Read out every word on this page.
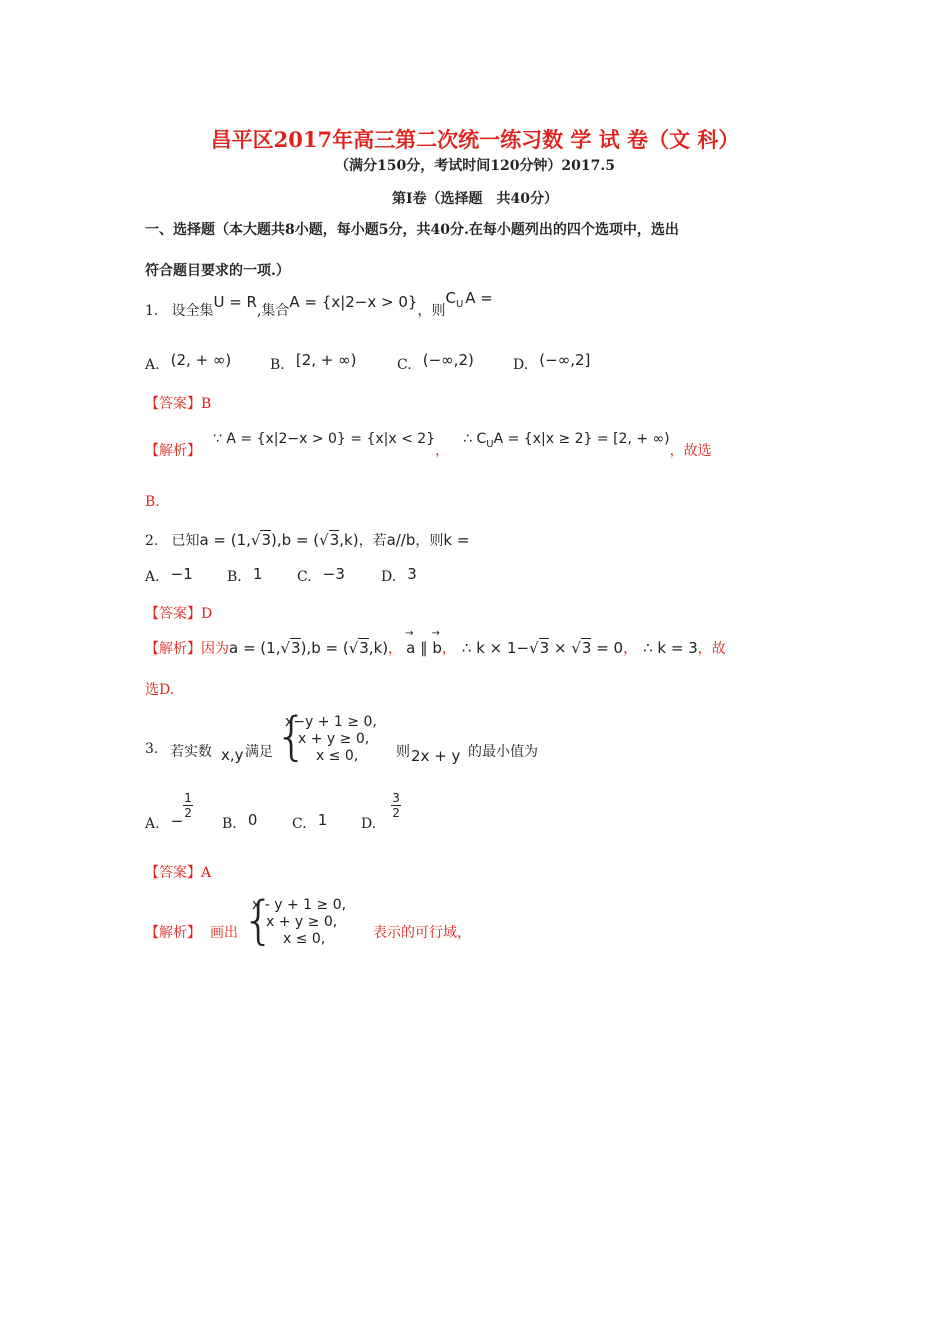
昌平区2017年高三第二次统一练习数 学 试 卷（文 科）
（满分150分，考试时间120分钟）2017.5
第Ⅰ卷（选择题　共40分）
一、选择题（本大题共8小题，每小题5分，共40分.在每小题列出的四个选项中，选出
符合题目要求的一项.）
1. 设全集U = R,集合A = {x|2−x > 0}，则$C_U$ A =
A. (2, + ∞)	B. [2, + ∞)	C. (−∞,2)	D. (−∞,2]
【答案】B
【解析】∵ A = {x|2−x > 0} = {x|x < 2}，∴ $C_UA = \{x|x \ge 2\} = [2$, + ∞)，故选
B.
2. 已知a = (1,√3),b = (√3,k)，若a//b，则k =
A. −1 B. 1 C. −3	D. 3
【答案】D
【解析】因为a = (1,√3),b = (√3,k)，→ a ∥ → b， ∴ k × 1−√3 × √3 = 0， ∴ k = 3，故
选D.
3. 若实数 x,y 满足 {
x−y + 1 ≥ 0,
x + y ≥ 0,
x ≤ 0,	则 2x + y 的最小值为
A. −
$\frac{1}{2}$
B. 0 C. 1 D.
$\frac{3}{2}$
【答案】A
【解析】 画出 {
x - y + 1 ≥ 0,
x + y ≥ 0,
x ≤ 0,	表示的可行域，
